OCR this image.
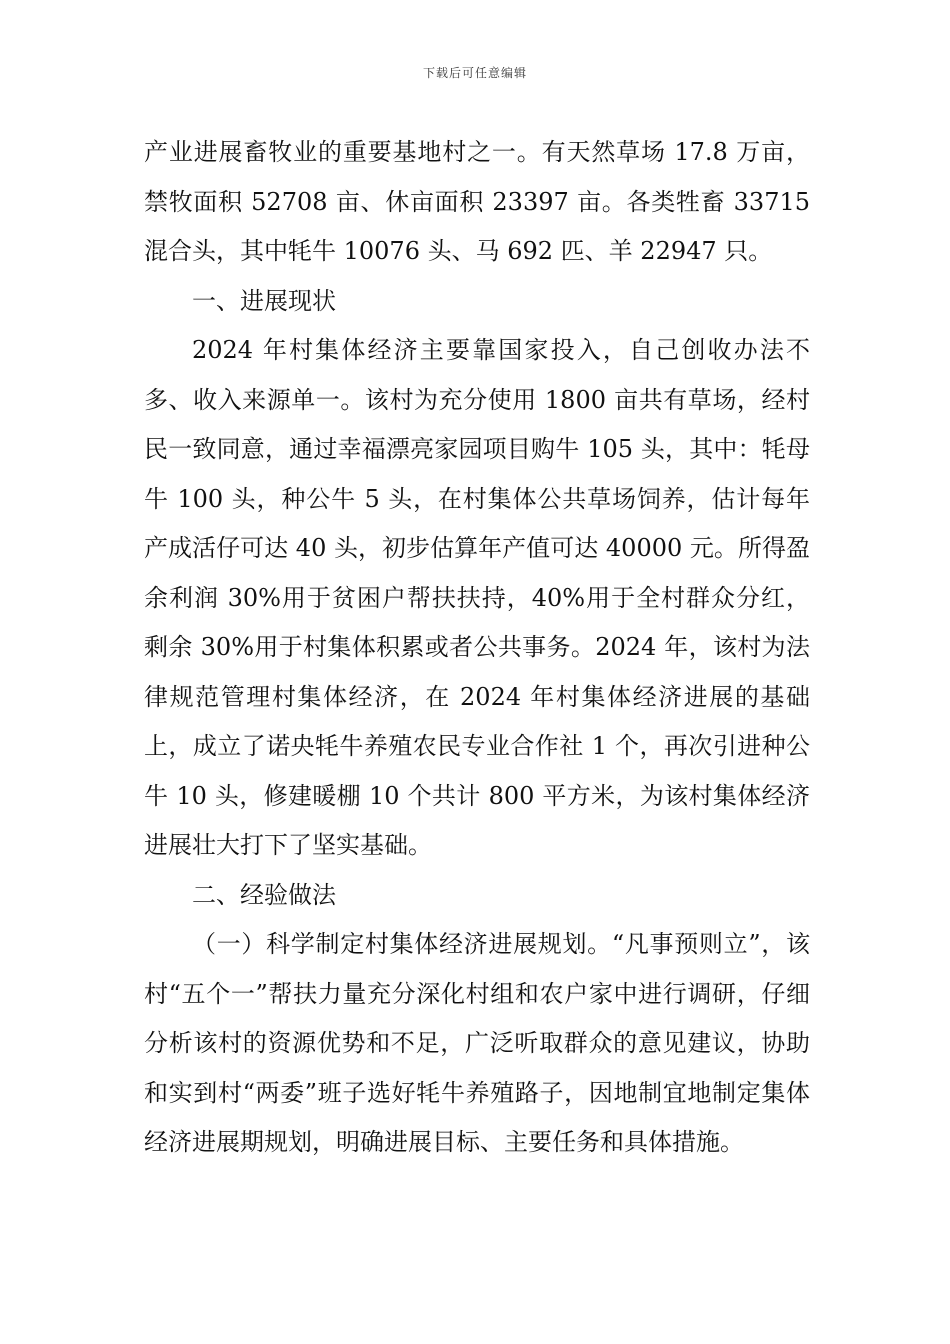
下载后可任意编辑

产业进展畜牧业的重要基地村之一。有天然草场 17.8 万亩，禁牧面积 52708 亩、休亩面积 23397 亩。各类牲畜 33715 混合头，其中牦牛 10076 头、马 692 匹、羊 22947 只。

一、进展现状

2024 年村集体经济主要靠国家投入，自己创收办法不多、收入来源单一。该村为充分使用 1800 亩共有草场，经村民一致同意，通过幸福漂亮家园项目购牛 105 头，其中：牦母牛 100 头，种公牛 5 头，在村集体公共草场饲养，估计每年产成活仔可达 40 头，初步估算年产值可达 40000 元。所得盈余利润 30%用于贫困户帮扶扶持，40%用于全村群众分红，剩余 30%用于村集体积累或者公共事务。2024 年，该村为法律规范管理村集体经济，在 2024 年村集体经济进展的基础上，成立了诺央牦牛养殖农民专业合作社 1 个，再次引进种公牛 10 头，修建暖棚 10 个共计 800 平方米，为该村集体经济进展壮大打下了坚实基础。

二、经验做法

（一）科学制定村集体经济进展规划。“凡事预则立”，该村“五个一”帮扶力量充分深化村组和农户家中进行调研，仔细分析该村的资源优势和不足，广泛听取群众的意见建议，协助和实到村“两委”班子选好牦牛养殖路子，因地制宜地制定集体经济进展期规划，明确进展目标、主要任务和具体措施。
